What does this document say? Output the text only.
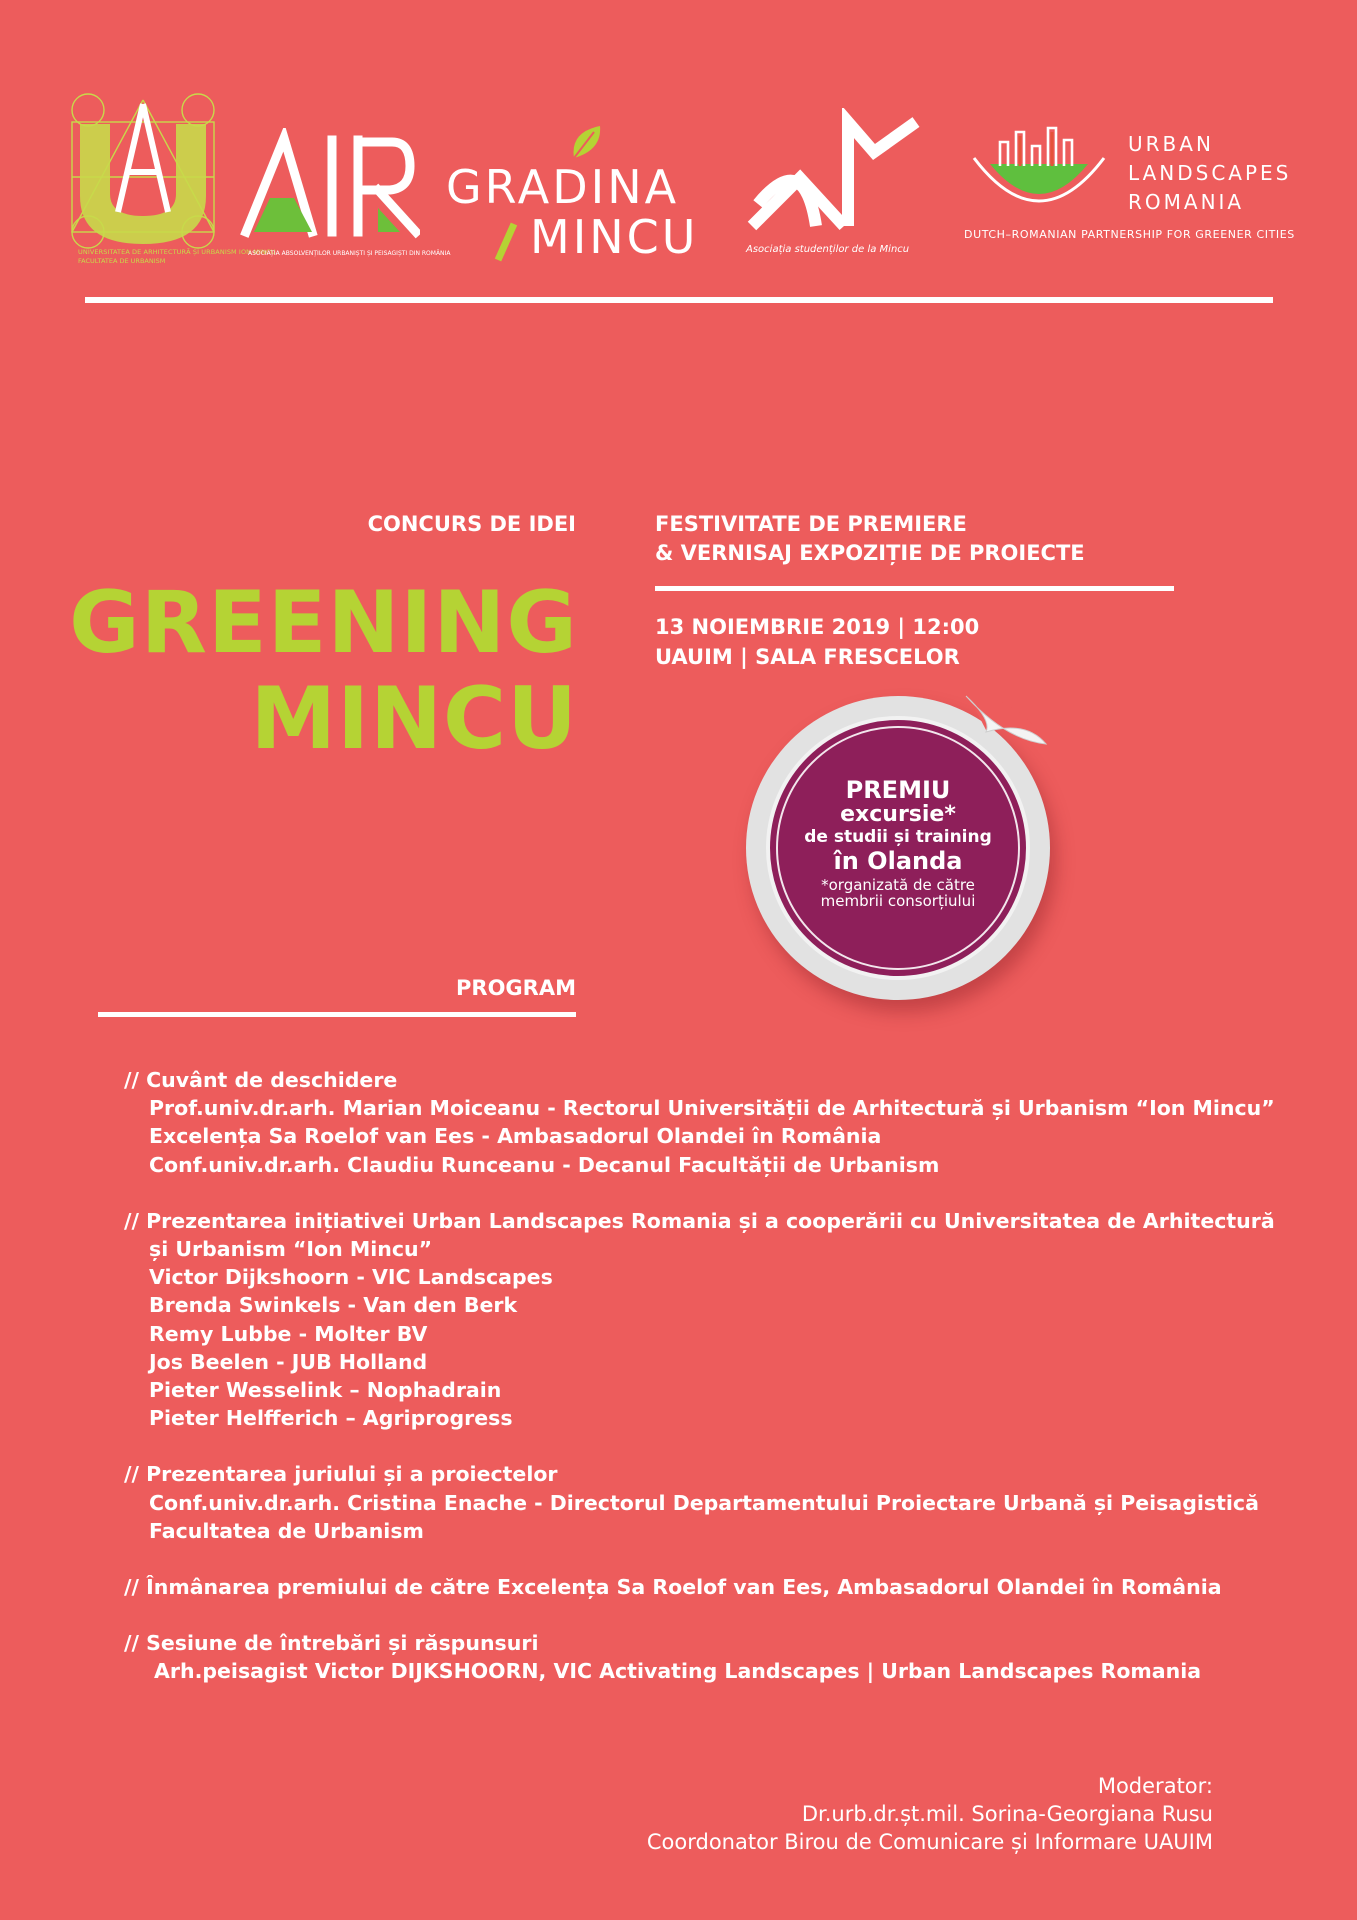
UNIVERSITATEA DE ARHITECTURĂ ȘI URBANISM ION MINCU
FACULTATEA DE URBANISM
ASOCIAȚIA ABSOLVENȚILOR URBANIȘTI ȘI PEISAGIȘTI DIN ROMÂNIA
GRADINA
MINCU	Asociația studenților de la Mincu
URBAN
LANDSCAPES
ROMANIA
DUTCH–ROMANIAN PARTNERSHIP FOR GREENER CITIES
CONCURS DE IDEI
GREENING
MINCU
FESTIVITATE DE PREMIERE
& VERNISAJ EXPOZIȚIE DE PROIECTE
13 NOIEMBRIE 2019 | 12:00
UAUIM | SALA FRESCELOR
PREMIU
excursie*
de studii și training
în Olanda
*organizată de către
membrii consorțiului
PROGRAM
// Cuvânt de deschidere
Prof.univ.dr.arh. Marian Moiceanu - Rectorul Universității de Arhitectură și Urbanism “Ion Mincu”
Excelența Sa Roelof van Ees - Ambasadorul Olandei în România
Conf.univ.dr.arh. Claudiu Runceanu - Decanul Facultății de Urbanism
// Prezentarea inițiativei Urban Landscapes Romania și a cooperării cu Universitatea de Arhitectură
și Urbanism “Ion Mincu”
Victor Dijkshoorn - VIC Landscapes
Brenda Swinkels - Van den Berk
Remy Lubbe - Molter BV
Jos Beelen - JUB Holland
Pieter Wesselink – Nophadrain
Pieter Helfferich – Agriprogress
// Prezentarea juriului și a proiectelor
Conf.univ.dr.arh. Cristina Enache - Directorul Departamentului Proiectare Urbană și Peisagistică
Facultatea de Urbanism
// Înmânarea premiului de către Excelența Sa Roelof van Ees, Ambasadorul Olandei în România
// Sesiune de întrebări și răspunsuri
Arh.peisagist Victor DIJKSHOORN, VIC Activating Landscapes | Urban Landscapes Romania
Moderator:
Dr.urb.dr.șt.mil. Sorina-Georgiana Rusu
Coordonator Birou de Comunicare și Informare UAUIM
